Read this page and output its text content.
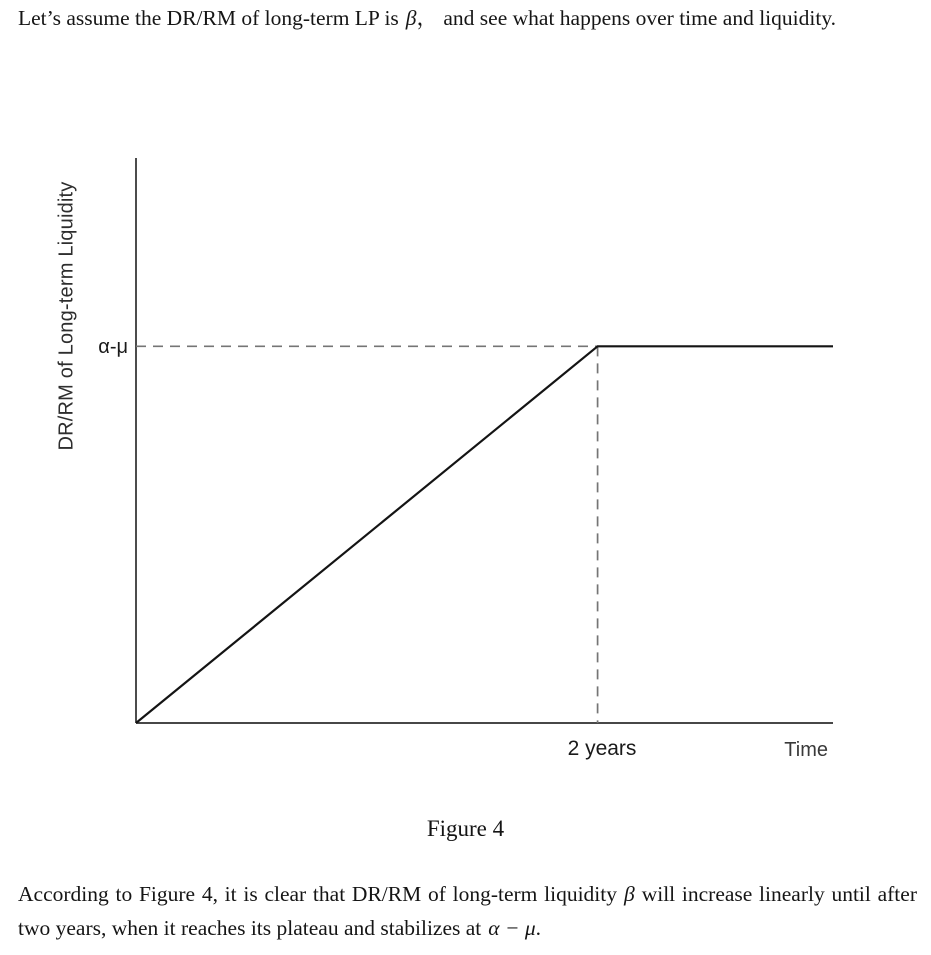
Let’s assume the DR/RM of long-term LP is β， and see what happens over time and liquidity.

DR/RM of Long-term Liquidity	α-μ
2 years	Time
Figure 4

According to Figure 4, it is clear that DR/RM of long-term liquidity β will increase linearly until after two years, when it reaches its plateau and stabilizes at α − μ.
